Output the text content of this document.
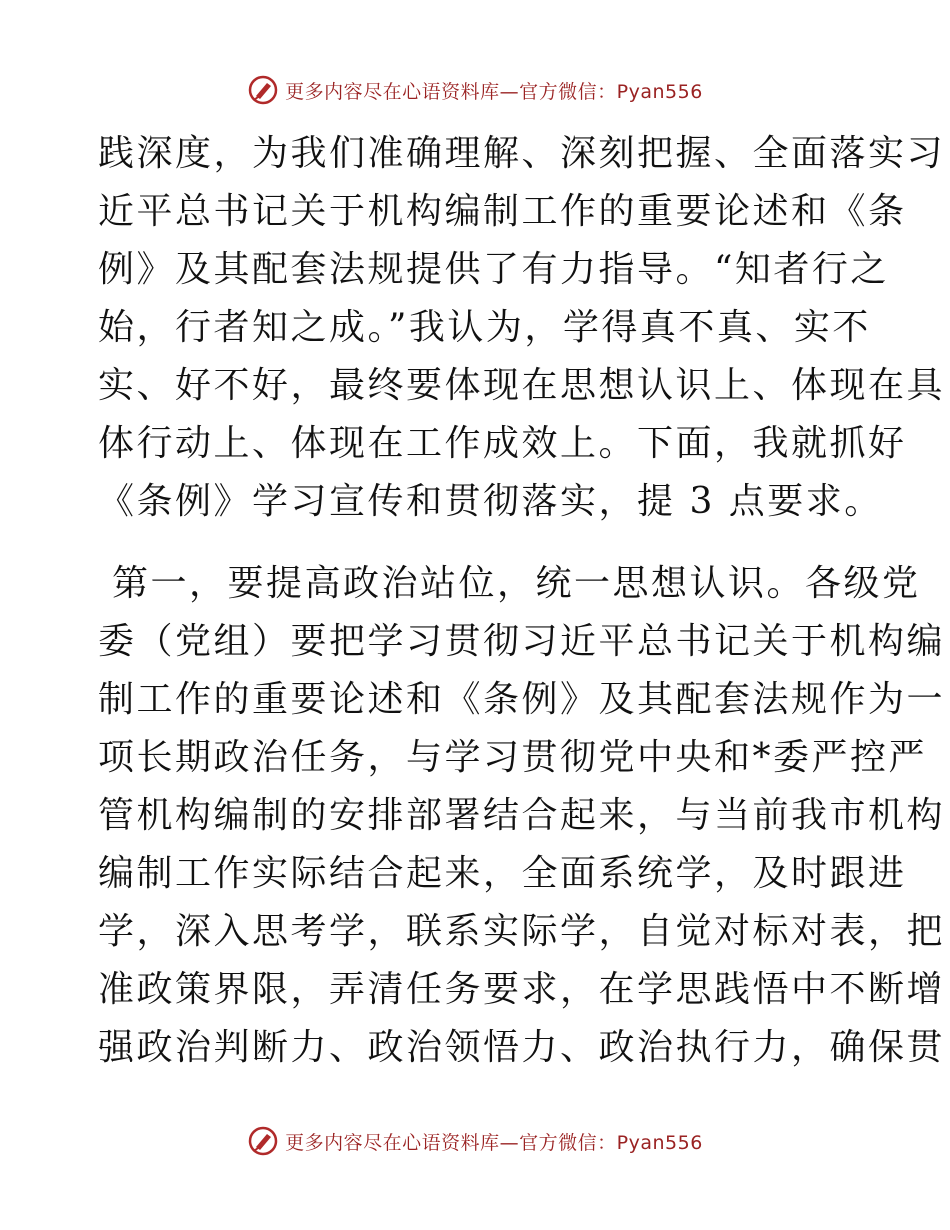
更多内容尽在心语资料库—官方微信：Pyan556
践深度，为我们准确理解、深刻把握、全面落实习
近平总书记关于机构编制工作的重要论述和《条
例》及其配套法规提供了有力指导。“知者行之
始，行者知之成。”我认为，学得真不真、实不
实、好不好，最终要体现在思想认识上、体现在具
体行动上、体现在工作成效上。下面，我就抓好
《条例》学习宣传和贯彻落实，提 3 点要求。
第一，要提高政治站位，统一思想认识。各级党
委（党组）要把学习贯彻习近平总书记关于机构编
制工作的重要论述和《条例》及其配套法规作为一
项长期政治任务，与学习贯彻党中央和*委严控严
管机构编制的安排部署结合起来，与当前我市机构
编制工作实际结合起来，全面系统学，及时跟进
学，深入思考学，联系实际学，自觉对标对表，把
准政策界限，弄清任务要求，在学思践悟中不断增
强政治判断力、政治领悟力、政治执行力，确保贯
更多内容尽在心语资料库—官方微信：Pyan556
